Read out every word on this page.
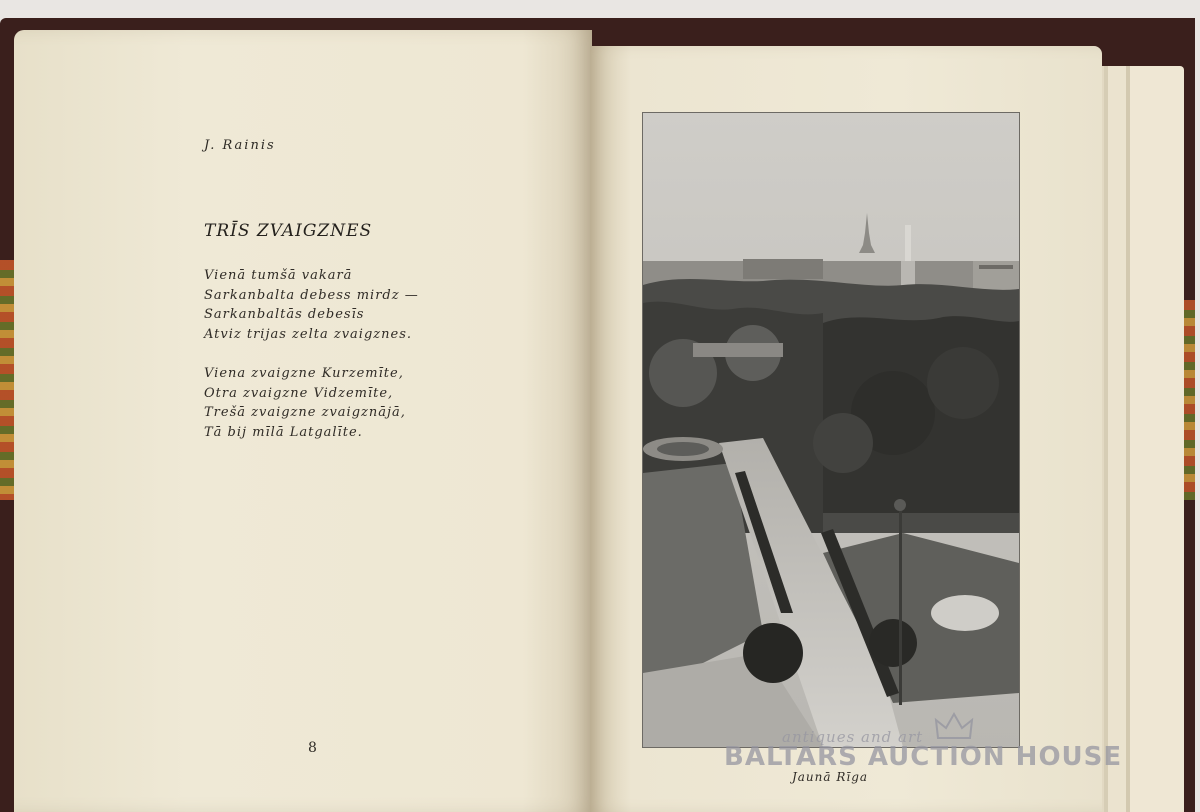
J. Rainis
TRĪS ZVAIGZNES

Vienā tumšā vakarā

Sarkanbalta debess mirdz —

Sarkanbaltās debesīs

Atviz trijas zelta zvaigznes.

Viena zvaigzne Kurzemīte,

Otra zvaigzne Vidzemīte,

Trešā zvaigzne zvaigznājā,

Tā bij mīlā Latgalīte.

8
Jaunā Rīga
antiques and art
BALTARS AUCTION HOUSE
